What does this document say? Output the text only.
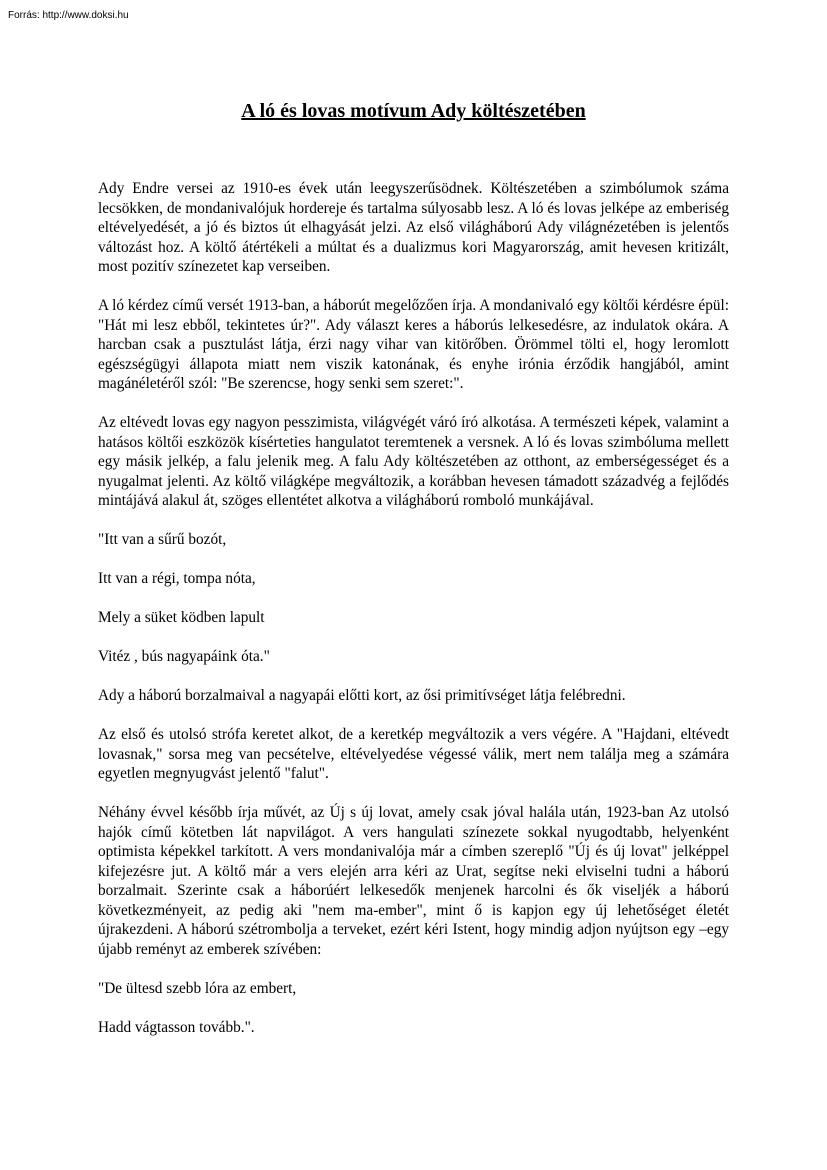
Forrás: http://www.doksi.hu
A ló és lovas motívum Ady költészetében

Ady Endre versei az 1910-es évek után leegyszerűsödnek. Költészetében a szimbólumok száma lecsökken, de mondanivalójuk hordereje és tartalma súlyosabb lesz. A ló és lovas jelképe az emberiség eltévelyedését, a jó és biztos út elhagyását jelzi. Az első világháború Ady világnézetében is jelentős változást hoz. A költő átértékeli a múltat és a dualizmus kori Magyarország, amit hevesen kritizált, most pozitív színezetet kap verseiben.

A ló kérdez című versét 1913-ban, a háborút megelőzően írja. A mondanivaló egy költői kérdésre épül: "Hát mi lesz ebből, tekintetes úr?". Ady választ keres a háborús lelkesedésre, az indulatok okára. A harcban csak a pusztulást látja, érzi nagy vihar van kitörőben. Örömmel tölti el, hogy leromlott egészségügyi állapota miatt nem viszik katonának, és enyhe irónia érződik hangjából, amint magánéletéről szól: "Be szerencse, hogy senki sem szeret:".

Az eltévedt lovas egy nagyon pesszimista, világvégét váró író alkotása. A természeti képek, valamint a hatásos költői eszközök kísérteties hangulatot teremtenek a versnek. A ló és lovas szimbóluma mellett egy másik jelkép, a falu jelenik meg. A falu Ady költészetében az otthont, az emberségességet és a nyugalmat jelenti. Az költő világképe megváltozik, a korábban hevesen támadott századvég a fejlődés mintájává alakul át, szöges ellentétet alkotva a világháború romboló munkájával.

"Itt van a sűrű bozót,

Itt van a régi, tompa nóta,

Mely a süket ködben lapult

Vitéz , bús nagyapáink óta."

Ady a háború borzalmaival a nagyapái előtti kort, az ősi primitívséget látja felébredni.

Az első és utolsó strófa keretet alkot, de a keretkép megváltozik a vers végére. A "Hajdani, eltévedt lovasnak," sorsa meg van pecsételve, eltévelyedése végessé válik, mert nem találja meg a számára egyetlen megnyugvást jelentő "falut".

Néhány évvel később írja művét, az Új s új lovat, amely csak jóval halála után, 1923-ban Az utolsó hajók című kötetben lát napvilágot. A vers hangulati színezete sokkal nyugodtabb, helyenként optimista képekkel tarkított. A vers mondanivalója már a címben szereplő "Új és új lovat" jelképpel kifejezésre jut. A költő már a vers elején arra kéri az Urat, segítse neki elviselni tudni a háború borzalmait. Szerinte csak a háborúért lelkesedők menjenek harcolni és ők viseljék a háború következményeit, az pedig aki "nem ma-ember", mint ő is kapjon egy új lehetőséget életét újrakezdeni. A háború szétrombolja a terveket, ezért kéri Istent, hogy mindig adjon nyújtson egy –egy újabb reményt az emberek szívében:

"De ültesd szebb lóra az embert,

Hadd vágtasson tovább.".
